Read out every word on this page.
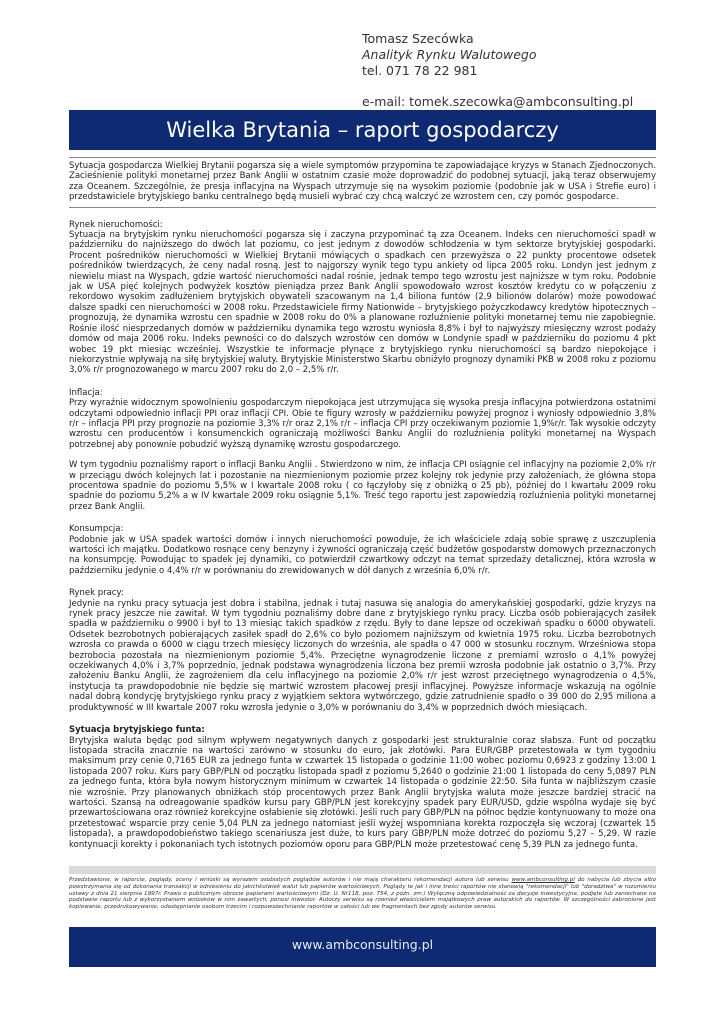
Tomasz Szecówka
Analityk Rynku Walutowego
tel. 071 78 22 981
e-mail: tomek.szecowka@ambconsulting.pl
Wielka Brytania – raport gospodarczy

Sytuacja gospodarcza Wielkiej Brytanii pogarsza się a wiele symptomów przypomina te zapowiadające kryzys w Stanach Zjednoczonych. Zacieśnienie polityki monetarnej przez Bank Anglii w ostatnim czasie może doprowadzić do podobnej sytuacji, jaką teraz obserwujemy zza Oceanem. Szczególnie, że presja inflacyjna na Wyspach utrzymuje się na wysokim poziomie (podobnie jak w USA i Strefie euro) i przedstawiciele brytyjskiego banku centralnego będą musieli wybrać czy chcą walczyć ze wzrostem cen, czy pomóc gospodarce.

Rynek nieruchomości:

Sytuacja na brytyjskim rynku nieruchomości pogarsza się i zaczyna przypominać tą zza Oceanem. Indeks cen nieruchomości spadł w październiku do najniższego do dwóch lat poziomu, co jest jednym z dowodów schłodzenia w tym sektorze brytyjskiej gospodarki. Procent pośredników nieruchomości w Wielkiej Brytanii mówiących o spadkach cen przewyższa o 22 punkty procentowe odsetek pośredników twierdzących, że ceny nadal rosną. Jest to najgorszy wynik tego typu ankiety od lipca 2005 roku. Londyn jest jednym z niewielu miast na Wyspach, gdzie wartość nieruchomości nadal rośnie, jednak tempo tego wzrostu jest najniższe w tym roku. Podobnie jak w USA pięć kolejnych podwyżek kosztów pieniądza przez Bank Anglii spowodowało wzrost kosztów kredytu co w połączeniu z rekordowo wysokim zadłużeniem brytyjskich obywateli szacowanym na 1,4 biliona funtów (2,9 bilionów dolarów) może powodować dalsze spadki cen nieruchomości w 2008 roku. Przedstawiciele firmy Nationwide – brytyjskiego pożyczkodawcy kredytów hipotecznych – prognozują, że dynamika wzrostu cen spadnie w 2008 roku do 0% a planowane rozluźnienie polityki monetarnej temu nie zapobiegnie. Rośnie ilość niesprzedanych domów w październiku dynamika tego wzrostu wyniosła 8,8% i był to najwyższy miesięczny wzrost podaży domów od maja 2006 roku. Indeks pewności co do dalszych wzrostów cen domów w Londynie spadł w październiku do poziomu 4 pkt wobec 19 pkt miesiąc wcześniej. Wszystkie te informacje płynące z brytyjskiego rynku nieruchomości są bardzo niepokojące i niekorzystnie wpływają na siłę brytyjskiej waluty. Brytyjskie Ministerstwo Skarbu obniżyło prognozy dynamiki PKB w 2008 roku z poziomu 3,0% r/r prognozowanego w marcu 2007 roku do 2,0 – 2,5% r/r.

Inflacja:

Przy wyraźnie widocznym spowolnieniu gospodarczym niepokojąca jest utrzymująca się wysoka presja inflacyjna potwierdzona ostatnimi odczytami odpowiednio inflacji PPI oraz inflacji CPI. Obie te figury wzrosły w październiku powyżej prognoz i wyniosły odpowiednio 3,8% r/r – inflacja PPI przy prognozie na poziomie 3,3% r/r oraz 2,1% r/r – inflacja CPI przy oczekiwanym poziomie 1,9%r/r. Tak wysokie odczyty wzrostu cen producentów i konsumenckich ograniczają możliwości Banku Anglii do rozluźnienia polityki monetarnej na Wyspach potrzebnej aby ponownie pobudzić wyższą dynamikę wzrostu gospodarczego.

W tym tygodniu poznaliśmy raport o inflacji Banku Anglii . Stwierdzono w nim, że inflacja CPI osiągnie cel inflacyjny na poziomie 2,0% r/r w przeciągu dwóch kolejnych lat i pozostanie na niezmienionym poziomie przez kolejny rok jedynie przy założeniach, że główna stopa procentowa spadnie do poziomu 5,5% w I kwartale 2008 roku ( co łączyłoby się z obniżką o 25 pb), później do I kwartału 2009 roku spadnie do poziomu 5,2% a w IV kwartale 2009 roku osiągnie 5,1%. Treść tego raportu jest zapowiedzią rozluźnienia polityki monetarnej przez Bank Anglii.

Konsumpcja:

Podobnie jak w USA spadek wartości domów i innych nieruchomości powoduje, że ich właściciele zdają sobie sprawę z uszczuplenia wartości ich majątku. Dodatkowo rosnące ceny benzyny i żywności ograniczają część budżetów gospodarstw domowych przeznaczonych na konsumpcję. Powodując to spadek jej dynamiki, co potwierdził czwartkowy odczyt na temat sprzedaży detalicznej, która wzrosła w październiku jedynie o 4,4% r/r w porównaniu do zrewidowanych w dół danych z września 6,0% r/r.

Rynek pracy:

Jedynie na rynku pracy sytuacja jest dobra i stabilna, jednak i tutaj nasuwa się analogia do amerykańskiej gospodarki, gdzie kryzys na rynek pracy jeszcze nie zawitał. W tym tygodniu poznaliśmy dobre dane z brytyjskiego rynku pracy. Liczba osób pobierających zasiłek spadła w październiku o 9900 i był to 13 miesiąc takich spadków z rzędu. Były to dane lepsze od oczekiwań spadku o 6000 obywateli. Odsetek bezrobotnych pobierających zasiłek spadł do 2,6% co było poziomem najniższym od kwietnia 1975 roku. Liczba bezrobotnych wzrosła co prawda o 6000 w ciągu trzech miesięcy liczonych do września, ale spadła o 47 000 w stosunku rocznym. Wrześniowa stopa bezrobocia pozostała na niezmienionym poziomie 5,4%. Przeciętne wynagrodzenie liczone z premiami wzrosło o 4,1% powyżej oczekiwanych 4,0% i 3,7% poprzednio, jednak podstawa wynagrodzenia liczona bez premii wzrosła podobnie jak ostatnio o 3,7%. Przy założeniu Banku Anglii, że zagrożeniem dla celu inflacyjnego na poziomie 2,0% r/r jest wzrost przeciętnego wynagrodzenia o 4,5%, instytucja ta prawdopodobnie nie będzie się martwić wzrostem płacowej presji inflacyjnej. Powyższe informacje wskazują na ogólnie nadal dobrą kondycję brytyjskiego rynku pracy z wyjątkiem sektora wytwórczego, gdzie zatrudnienie spadło o 39 000 do 2,95 miliona a produktywność w III kwartale 2007 roku wzrosła jedynie o 3,0% w porównaniu do 3,4% w poprzednich dwóch miesiącach.

Sytuacja brytyjskiego funta:

Brytyjska waluta będąc pod silnym wpływem negatywnych danych z gospodarki jest strukturalnie coraz słabsza. Funt od początku listopada straciła znacznie na wartości zarówno w stosunku do euro, jak złotówki. Para EUR/GBP przetestowała w tym tygodniu maksimum przy cenie 0,7165 EUR za jednego funta w czwartek 15 listopada o godzinie 11:00 wobec poziomu 0,6923 z godziny 13:00 1 listopada 2007 roku. Kurs pary GBP/PLN od początku listopada spadł z poziomu 5,2640 o godzinie 21:00 1 listopada do ceny 5,0897 PLN za jednego funta, która była nowym historycznym minimum w czwartek 14 listopada o godzinie 22:50. Siła funta w najbliższym czasie nie wzrośnie. Przy planowanych obniżkach stóp procentowych przez Bank Anglii brytyjska waluta może jeszcze bardziej stracić na wartości. Szansą na odreagowanie spadków kursu pary GBP/PLN jest korekcyjny spadek pary EUR/USD, gdzie wspólna wydaje się być przewartościowana oraz również korekcyjne osłabienie się złotówki. Jeśli ruch pary GBP/PLN na północ będzie kontynuowany to może ona przetestować wsparcie przy cenie 5,04 PLN za jednego natomiast jeśli wyżej wspomniana korekta rozpoczęła się wczoraj (czwartek 15 listopada), a prawdopodobieństwo takiego scenariusza jest duże, to kurs pary GBP/PLN może dotrzeć do poziomu 5,27 – 5,29. W razie kontynuacji korekty i pokonaniach tych istotnych poziomów oporu para GBP/PLN może przetestować cenę 5,39 PLN za jednego funta.

Przedstawione, w raporcie, poglądy, oceny i wnioski są wyrazem osobistych poglądów autorów i nie mają charakteru rekomendacji autora lub serwisu www.ambconsulting.pl do nabycia lub zbycia albo powstrzymania się od dokonania transakcji w odniesieniu do jakichkolwiek walut lub papierów wartościowych. Poglądy te jak i inne treści raportów nie stanowią "rekomendacji" lub "doradztwa" w rozumieniu ustawy z dnia 21 sierpnia 1997r. Prawo o publicznym obrocie papierami wartościowymi (Dz. U. Nr118, poz. 754, z późn. zm.) Wyłączną odpowiedzialność za decyzje inwestycyjne, podjęte lub zaniechane na podstawie raportu lub z wykorzystaniem wniosków w nim zawartych, ponosi inwestor. Autorzy serwisu są równieź właścicielem majątkowych praw autorskich do raportów. W szczególności zabronione jest kopiowanie, przedrukowywanie, udostępnianie osobom trzecim i rozpowszechnianie raportów w całości lub we fragmentach bez zgody autorów serwisu.
www.ambconsulting.pl
